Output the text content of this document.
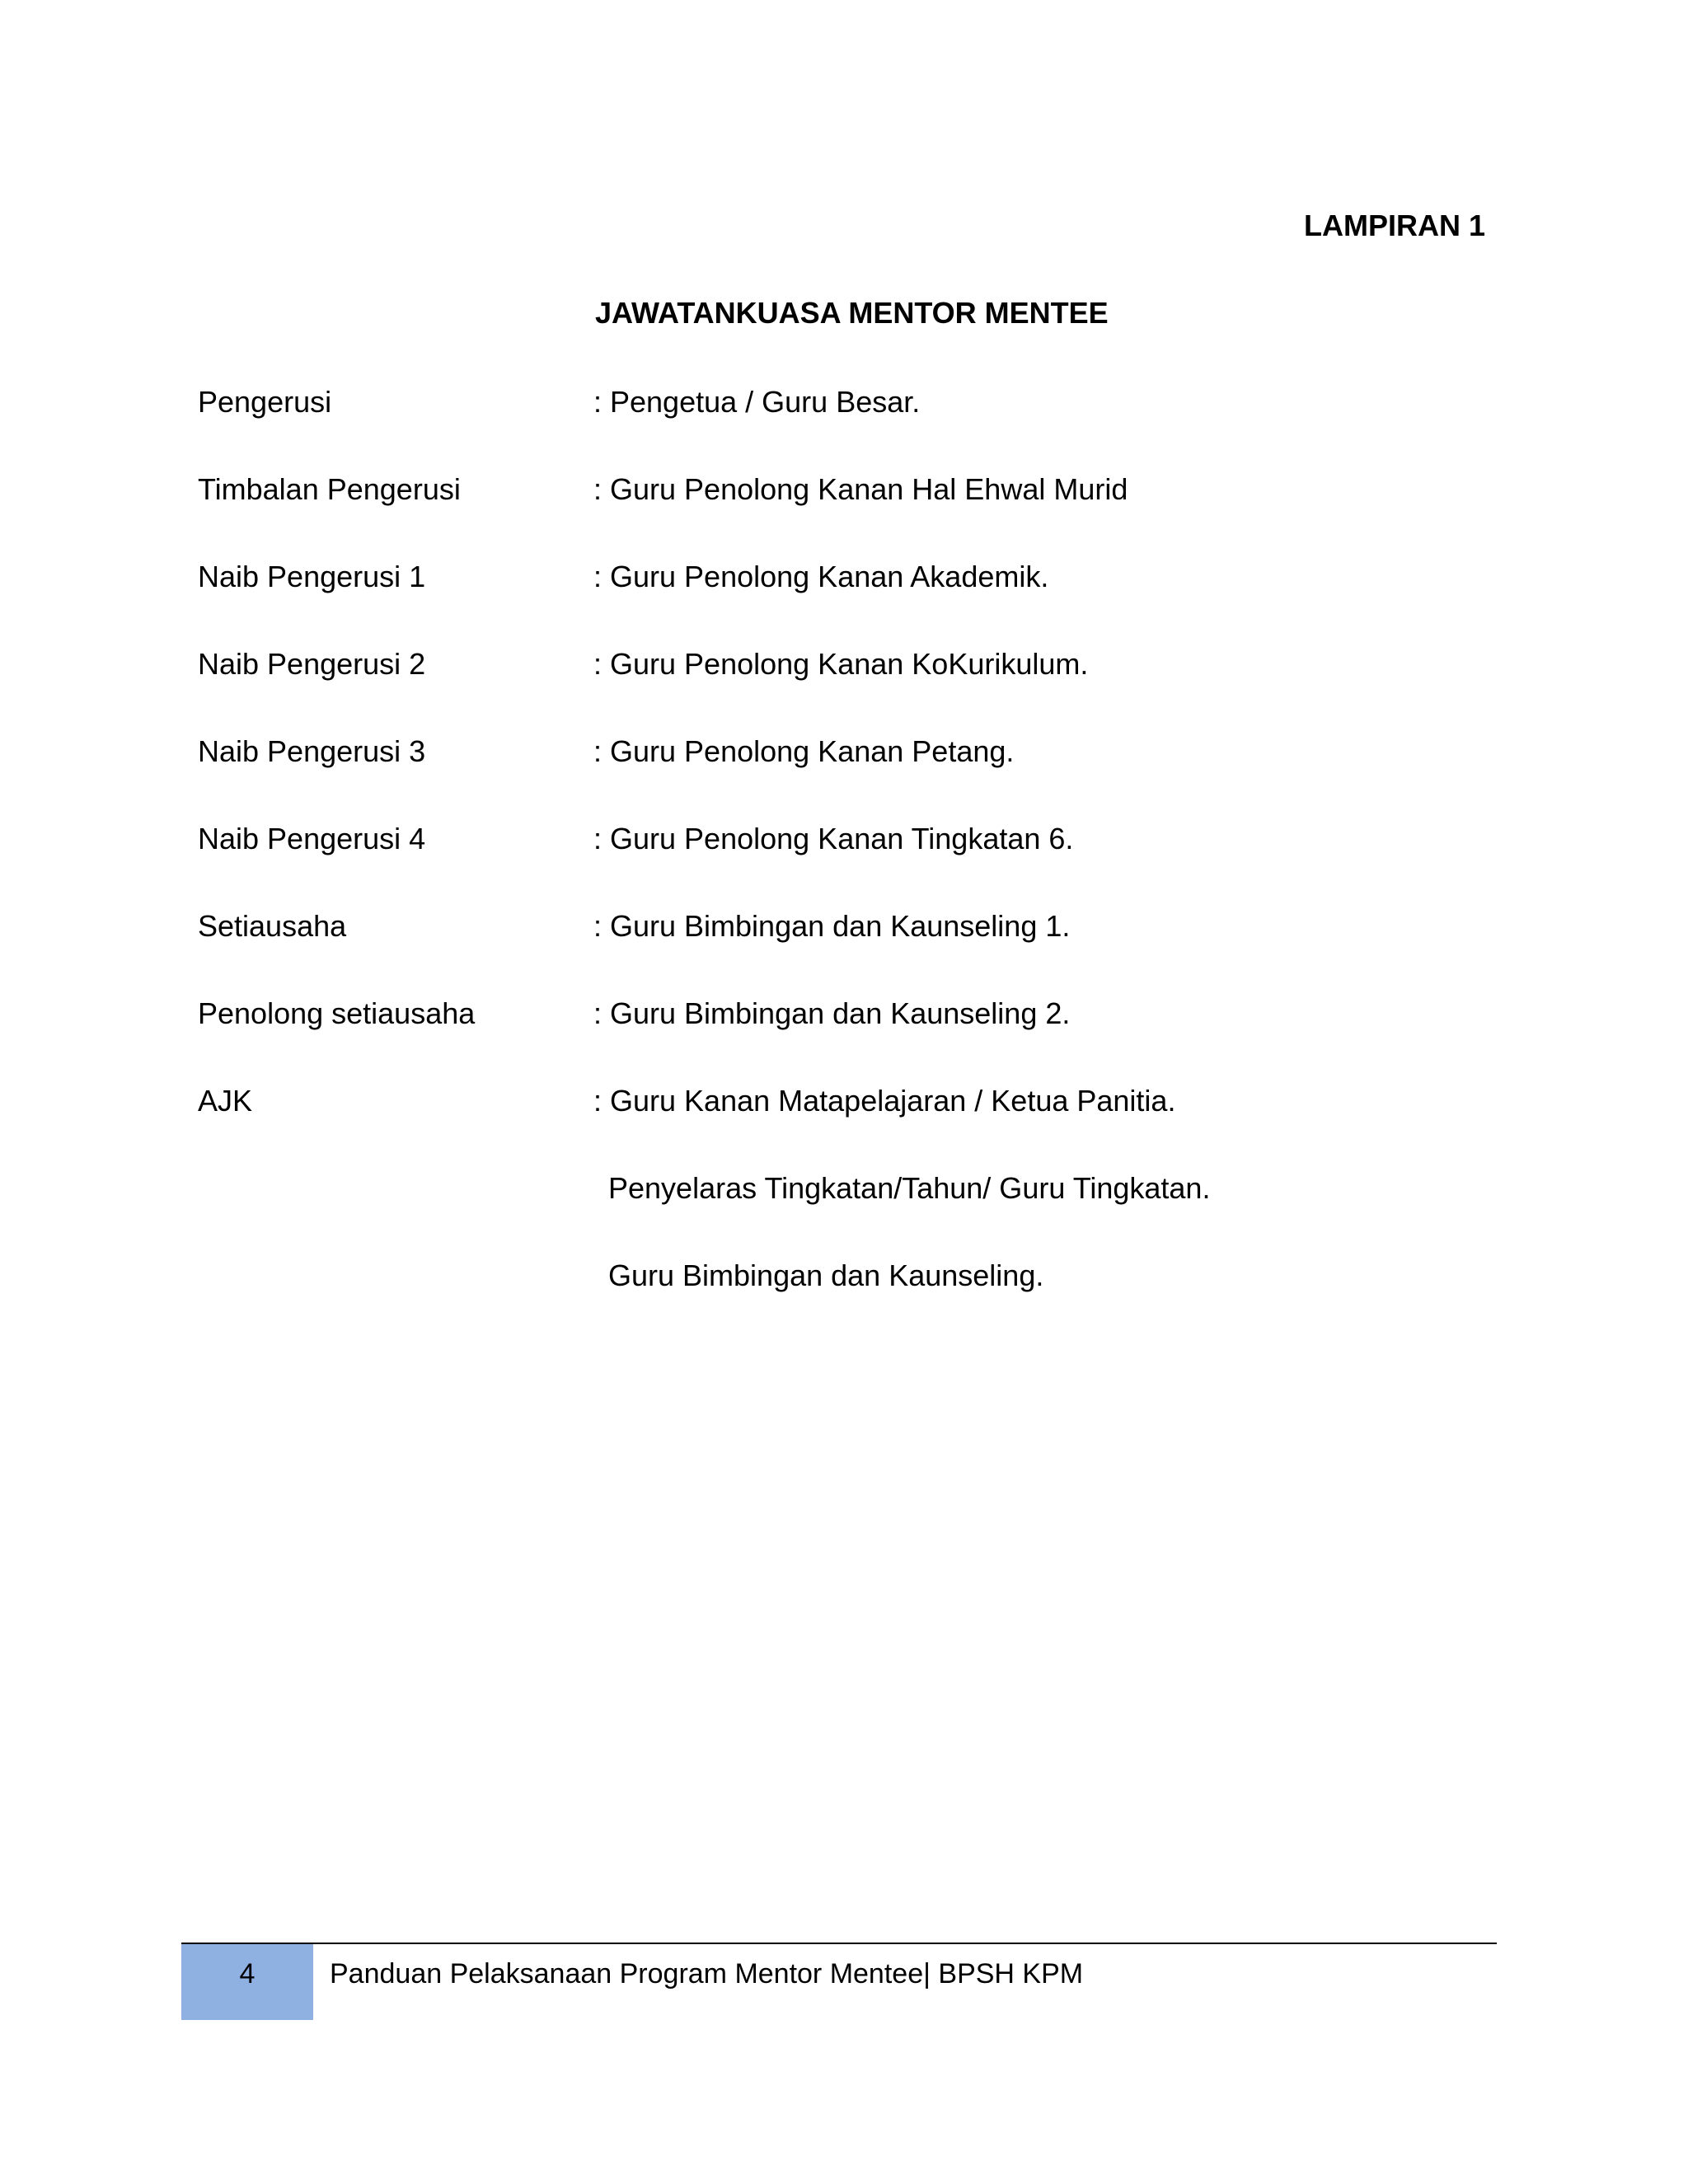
LAMPIRAN 1
JAWATANKUASA MENTOR MENTEE
Pengerusi	: Pengetua / Guru Besar.
Timbalan Pengerusi	: Guru Penolong Kanan Hal Ehwal Murid
Naib Pengerusi 1	: Guru Penolong Kanan Akademik.
Naib Pengerusi 2	: Guru Penolong Kanan KoKurikulum.
Naib Pengerusi 3	: Guru Penolong Kanan Petang.
Naib Pengerusi 4	: Guru Penolong Kanan Tingkatan 6.
Setiausaha	: Guru Bimbingan dan Kaunseling 1.
Penolong setiausaha	: Guru Bimbingan dan Kaunseling 2.
AJK	: Guru Kanan Matapelajaran / Ketua Panitia.
Penyelaras Tingkatan/Tahun/ Guru Tingkatan.
Guru Bimbingan dan Kaunseling.
4	Panduan Pelaksanaan Program Mentor Mentee| BPSH KPM
